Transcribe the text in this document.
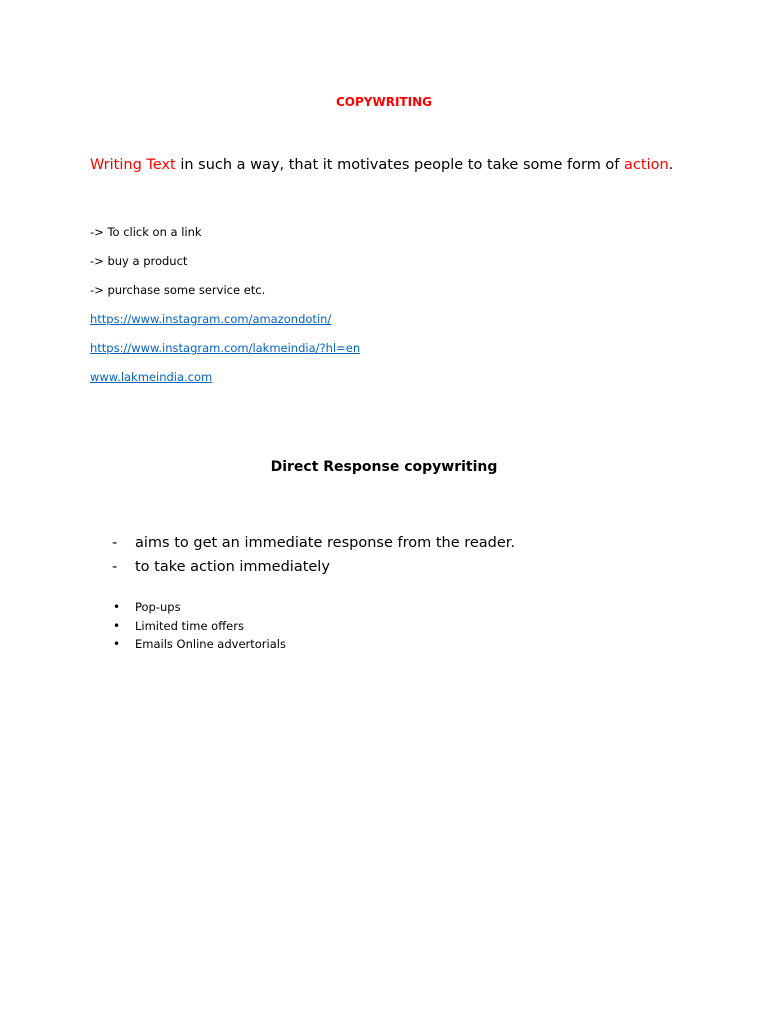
COPYWRITING

Writing Text in such a way, that it motivates people to take some form of action.

-> To click on a link

-> buy a product

-> purchase some service etc.

https://www.instagram.com/amazondotin/

https://www.instagram.com/lakmeindia/?hl=en

www.lakmeindia.com

Direct Response copywriting
- aims to get an immediate response from the reader.
- to take action immediately
• Pop-ups
• Limited time offers
• Emails Online advertorials
